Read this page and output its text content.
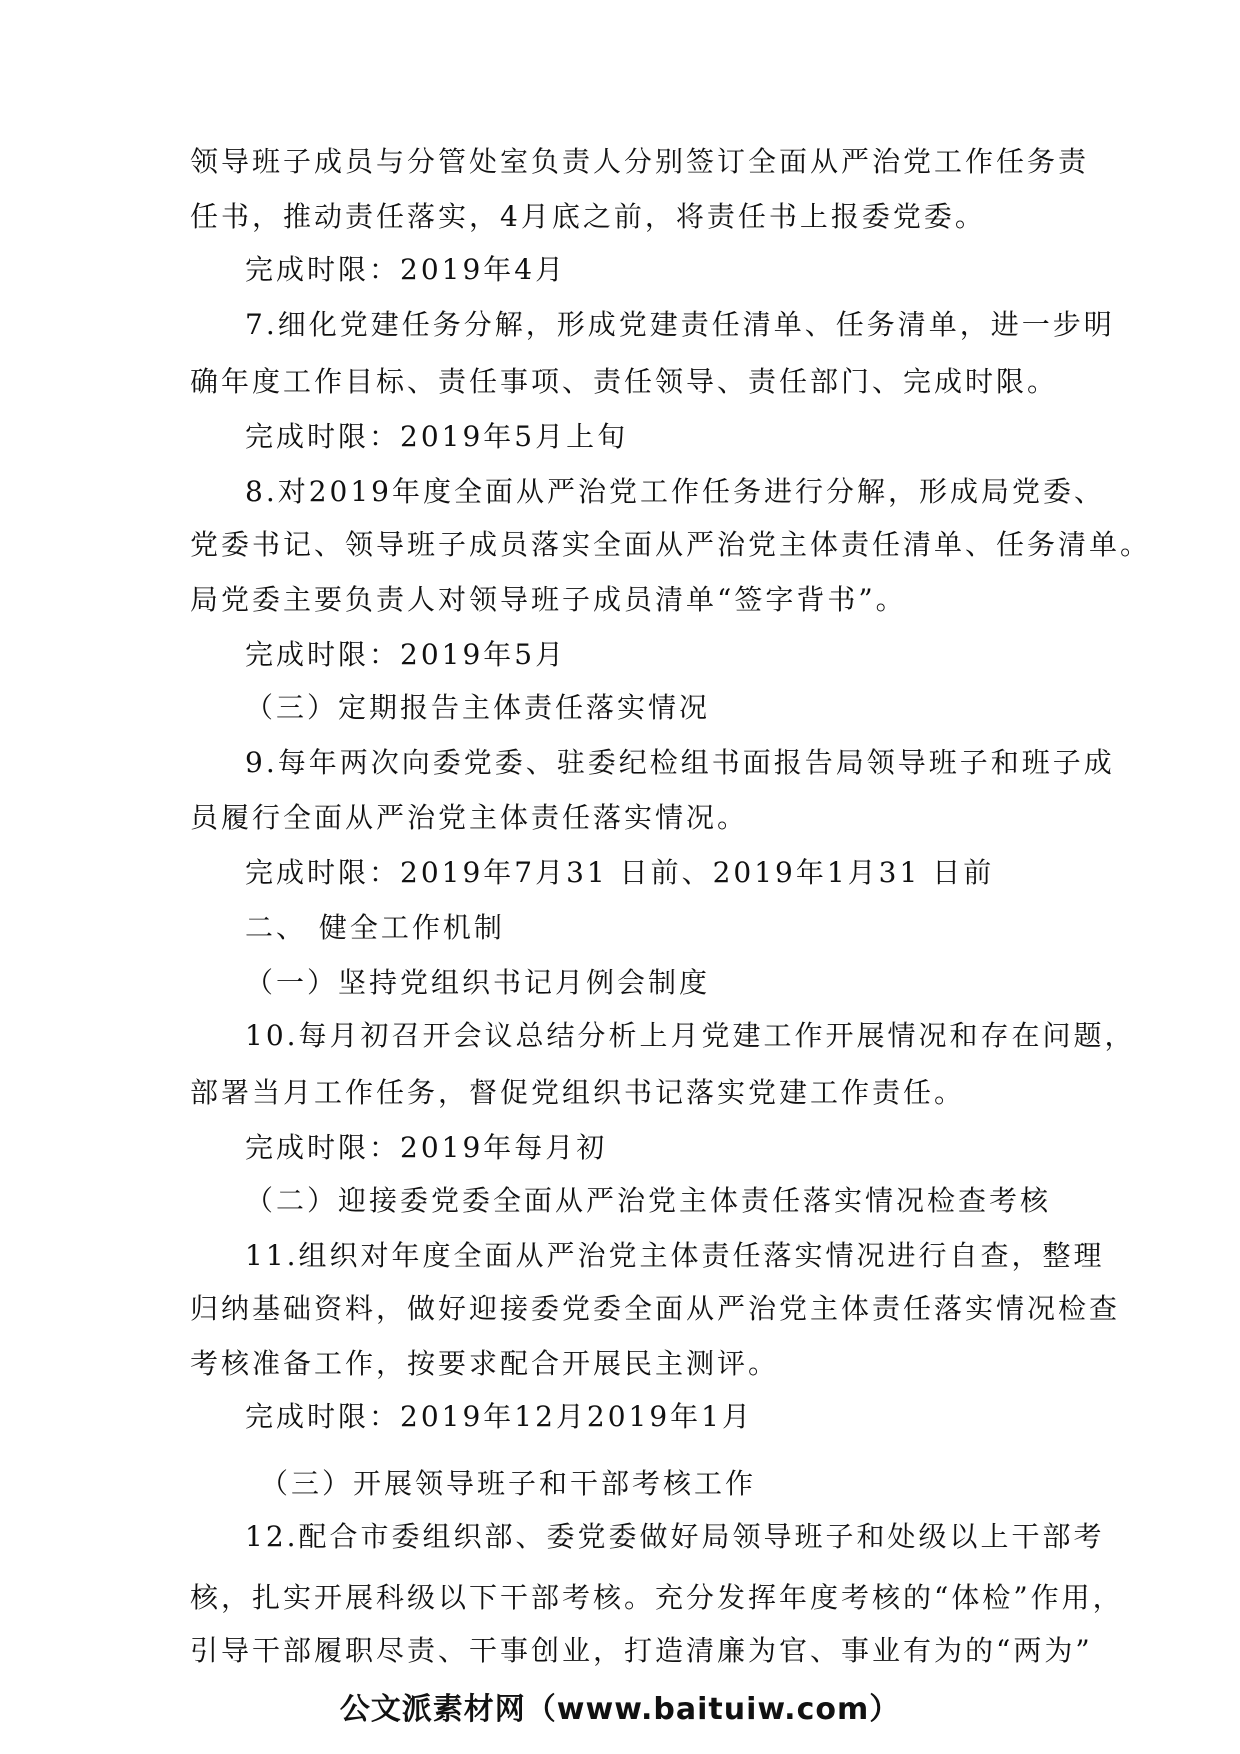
领导班子成员与分管处室负责人分别签订全面从严治党工作任务责
任书，推动责任落实，4月底之前，将责任书上报委党委。
完成时限：2019年4月
7.细化党建任务分解，形成党建责任清单、任务清单，进一步明
确年度工作目标、责任事项、责任领导、责任部门、完成时限。
完成时限：2019年5月上旬
8.对2019年度全面从严治党工作任务进行分解，形成局党委、
党委书记、领导班子成员落实全面从严治党主体责任清单、任务清单。
局党委主要负责人对领导班子成员清单“签字背书”。
完成时限：2019年5月
（三）定期报告主体责任落实情况
9.每年两次向委党委、驻委纪检组书面报告局领导班子和班子成
员履行全面从严治党主体责任落实情况。
完成时限：2019年7月31 日前、2019年1月31 日前
二、 健全工作机制
（一）坚持党组织书记月例会制度
10.每月初召开会议总结分析上月党建工作开展情况和存在问题，
部署当月工作任务，督促党组织书记落实党建工作责任。
完成时限：2019年每月初
（二）迎接委党委全面从严治党主体责任落实情况检查考核
11.组织对年度全面从严治党主体责任落实情况进行自查，整理
归纳基础资料，做好迎接委党委全面从严治党主体责任落实情况检查
考核准备工作，按要求配合开展民主测评。
完成时限：2019年12月2019年1月
（三）开展领导班子和干部考核工作
12.配合市委组织部、委党委做好局领导班子和处级以上干部考
核，扎实开展科级以下干部考核。充分发挥年度考核的“体检”作用，
引导干部履职尽责、干事创业，打造清廉为官、事业有为的“两为”
公文派素材网（www.baituiw.com）
